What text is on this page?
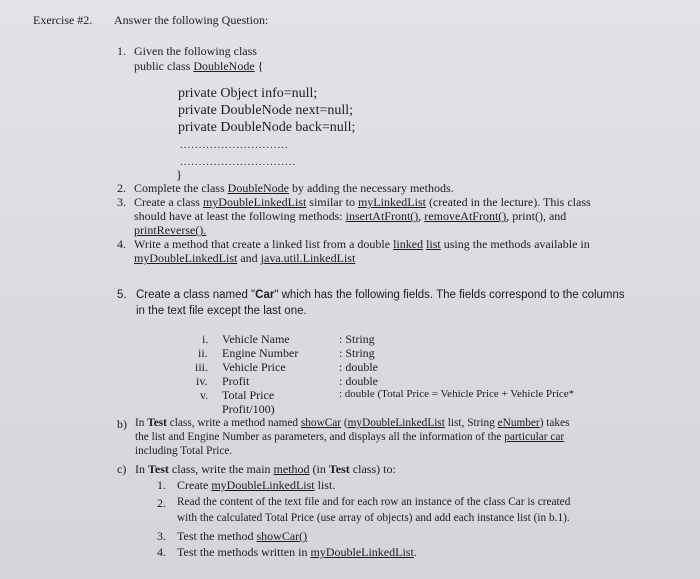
Exercise #2. Answer the following Question:
1. Given the following class
public class DoubleNode {
private Object info=null;
private DoubleNode next=null;
private DoubleNode back=null;
.............................
...............................
}
2. Complete the class DoubleNode by adding the necessary methods.
3. Create a class myDoubleLinkedList similar to myLinkedList (created in the lecture). This class
should have at least the following methods: insertAtFront(), removeAtFront(), print(), and
printReverse().
4. Write a method that create a linked list from a double linked list using the methods available in
myDoubleLinkedList and java.util.LinkedList
5. Create a class named "Car" which has the following fields. The fields correspond to the columns
in the text file except the last one.
i. Vehicle Name	: String
ii. Engine Number	: String
iii. Vehicle Price	: double
iv. Profit	: double
v. Total Price	: double (Total Price = Vehicle Price + Vehicle Price*
Profit/100)
b) In Test class, write a method named showCar (myDoubleLinkedList list, String eNumber) takes
the list and Engine Number as parameters, and displays all the information of the particular car
including Total Price.
c) In Test class, write the main method (in Test class) to:
1. Create myDoubleLinkedList list.
2. Read the content of the text file and for each row an instance of the class Car is created
with the calculated Total Price (use array of objects) and add each instance list (in b.1).
3. Test the method showCar()
4. Test the methods written in myDoubleLinkedList.
